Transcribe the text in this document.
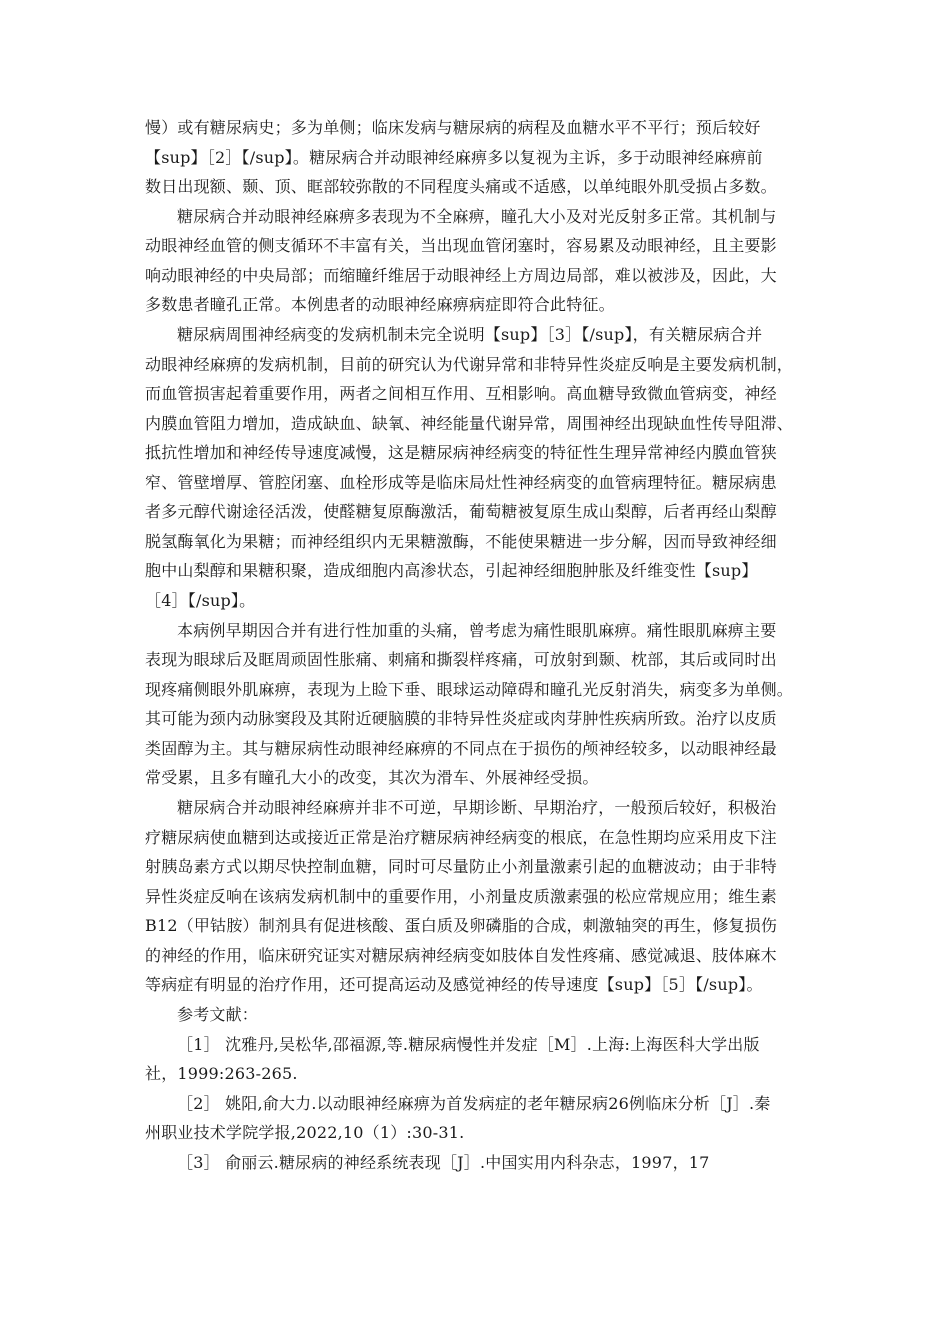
慢）或有糖尿病史；多为单侧；临床发病与糖尿病的病程及血糖水平不平行；预后较好
【sup】［2］【/sup】。糖尿病合并动眼神经麻痹多以复视为主诉，多于动眼神经麻痹前
数日出现额、颞、顶、眶部较弥散的不同程度头痛或不适感，以单纯眼外肌受损占多数。
糖尿病合并动眼神经麻痹多表现为不全麻痹，瞳孔大小及对光反射多正常。其机制与
动眼神经血管的侧支循环不丰富有关，当出现血管闭塞时，容易累及动眼神经，且主要影
响动眼神经的中央局部；而缩瞳纤维居于动眼神经上方周边局部，难以被涉及，因此，大
多数患者瞳孔正常。本例患者的动眼神经麻痹病症即符合此特征。
糖尿病周围神经病变的发病机制未完全说明【sup】［3］【/sup】，有关糖尿病合并
动眼神经麻痹的发病机制，目前的研究认为代谢异常和非特异性炎症反响是主要发病机制，
而血管损害起着重要作用，两者之间相互作用、互相影响。高血糖导致微血管病变，神经
内膜血管阻力增加，造成缺血、缺氧、神经能量代谢异常，周围神经出现缺血性传导阻滞、
抵抗性增加和神经传导速度减慢，这是糖尿病神经病变的特征性生理异常神经内膜血管狭
窄、管壁增厚、管腔闭塞、血栓形成等是临床局灶性神经病变的血管病理特征。糖尿病患
者多元醇代谢途径活泼，使醛糖复原酶激活，葡萄糖被复原生成山梨醇，后者再经山梨醇
脱氢酶氧化为果糖；而神经组织内无果糖激酶，不能使果糖进一步分解，因而导致神经细
胞中山梨醇和果糖积聚，造成细胞内高渗状态，引起神经细胞肿胀及纤维变性【sup】
［4］【/sup】。
本病例早期因合并有进行性加重的头痛，曾考虑为痛性眼肌麻痹。痛性眼肌麻痹主要
表现为眼球后及眶周顽固性胀痛、刺痛和撕裂样疼痛，可放射到颞、枕部，其后或同时出
现疼痛侧眼外肌麻痹，表现为上睑下垂、眼球运动障碍和瞳孔光反射消失，病变多为单侧。
其可能为颈内动脉窦段及其附近硬脑膜的非特异性炎症或肉芽肿性疾病所致。治疗以皮质
类固醇为主。其与糖尿病性动眼神经麻痹的不同点在于损伤的颅神经较多，以动眼神经最
常受累，且多有瞳孔大小的改变，其次为滑车、外展神经受损。
糖尿病合并动眼神经麻痹并非不可逆，早期诊断、早期治疗，一般预后较好，积极治
疗糖尿病使血糖到达或接近正常是治疗糖尿病神经病变的根底，在急性期均应采用皮下注
射胰岛素方式以期尽快控制血糖，同时可尽量防止小剂量激素引起的血糖波动；由于非特
异性炎症反响在该病发病机制中的重要作用，小剂量皮质激素强的松应常规应用；维生素
B12（甲钴胺）制剂具有促进核酸、蛋白质及卵磷脂的合成，刺激轴突的再生，修复损伤
的神经的作用，临床研究证实对糖尿病神经病变如肢体自发性疼痛、感觉减退、肢体麻木
等病症有明显的治疗作用，还可提高运动及感觉神经的传导速度【sup】［5］【/sup】。
参考文献：
［1］ 沈雅丹,吴松华,邵福源,等.糖尿病慢性并发症［M］.上海:上海医科大学出版
社，1999:263-265.
［2］ 姚阳,俞大力.以动眼神经麻痹为首发病症的老年糖尿病26例临床分析［J］.秦
州职业技术学院学报,2022,10（1）:30-31.
［3］ 俞丽云.糖尿病的神经系统表现［J］.中国实用内科杂志，1997，17
